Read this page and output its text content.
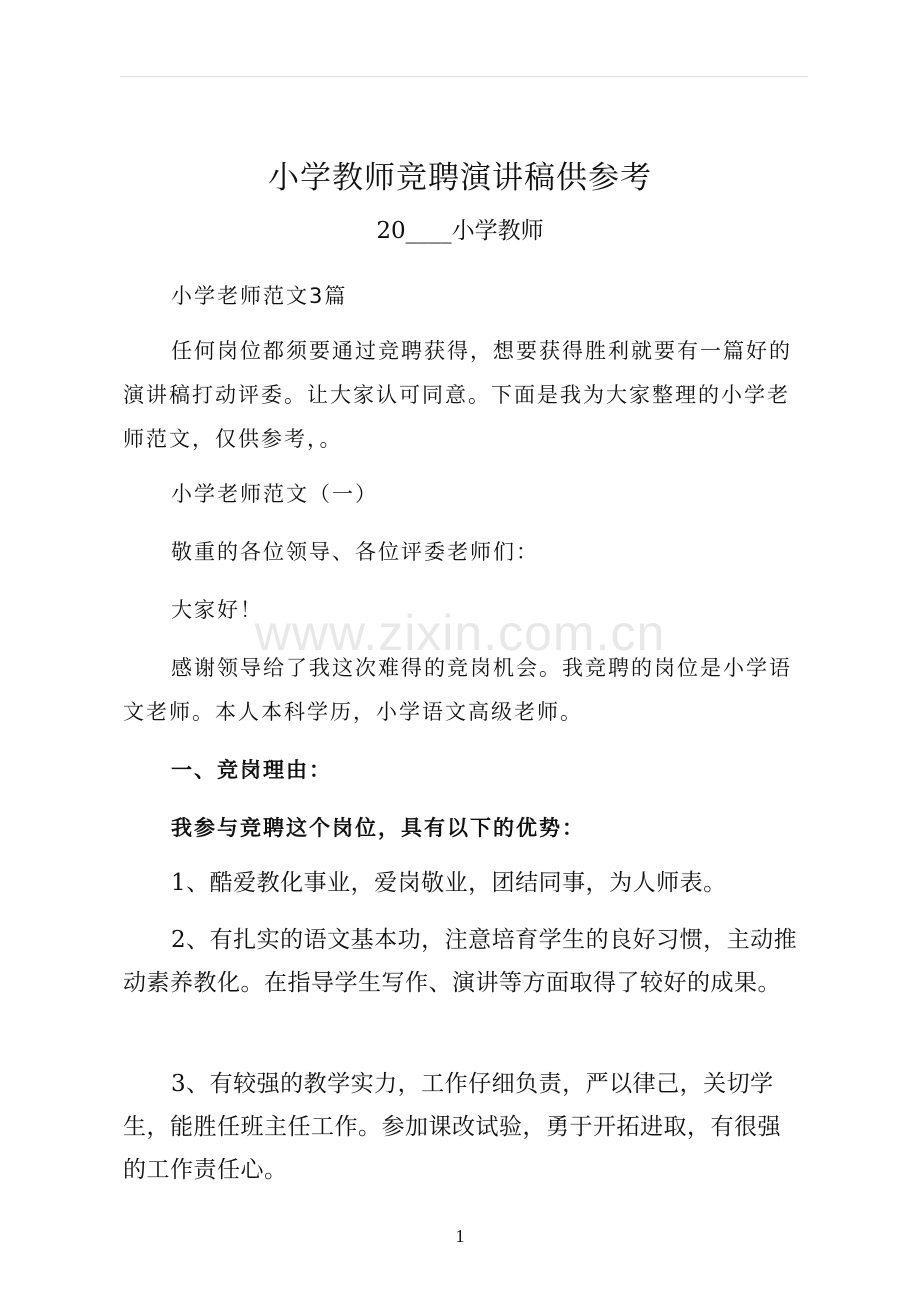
小学教师竞聘演讲稿供参考
20____小学教师

小学老师范文3篇

任何岗位都须要通过竞聘获得，想要获得胜利就要有一篇好的演讲稿打动评委。让大家认可同意。下面是我为大家整理的小学老师范文，仅供参考，。

小学老师范文（一）

敬重的各位领导、各位评委老师们：

大家好！

感谢领导给了我这次难得的竞岗机会。我竞聘的岗位是小学语文老师。本人本科学历，小学语文高级老师。

一、竞岗理由：

我参与竞聘这个岗位，具有以下的优势：

1、酷爱教化事业，爱岗敬业，团结同事，为人师表。

2、有扎实的语文基本功，注意培育学生的良好习惯，主动推动素养教化。在指导学生写作、演讲等方面取得了较好的成果。

3、有较强的教学实力，工作仔细负责，严以律己，关切学生，能胜任班主任工作。参加课改试验，勇于开拓进取，有很强的工作责任心。

www.zixin.com.cn
1
